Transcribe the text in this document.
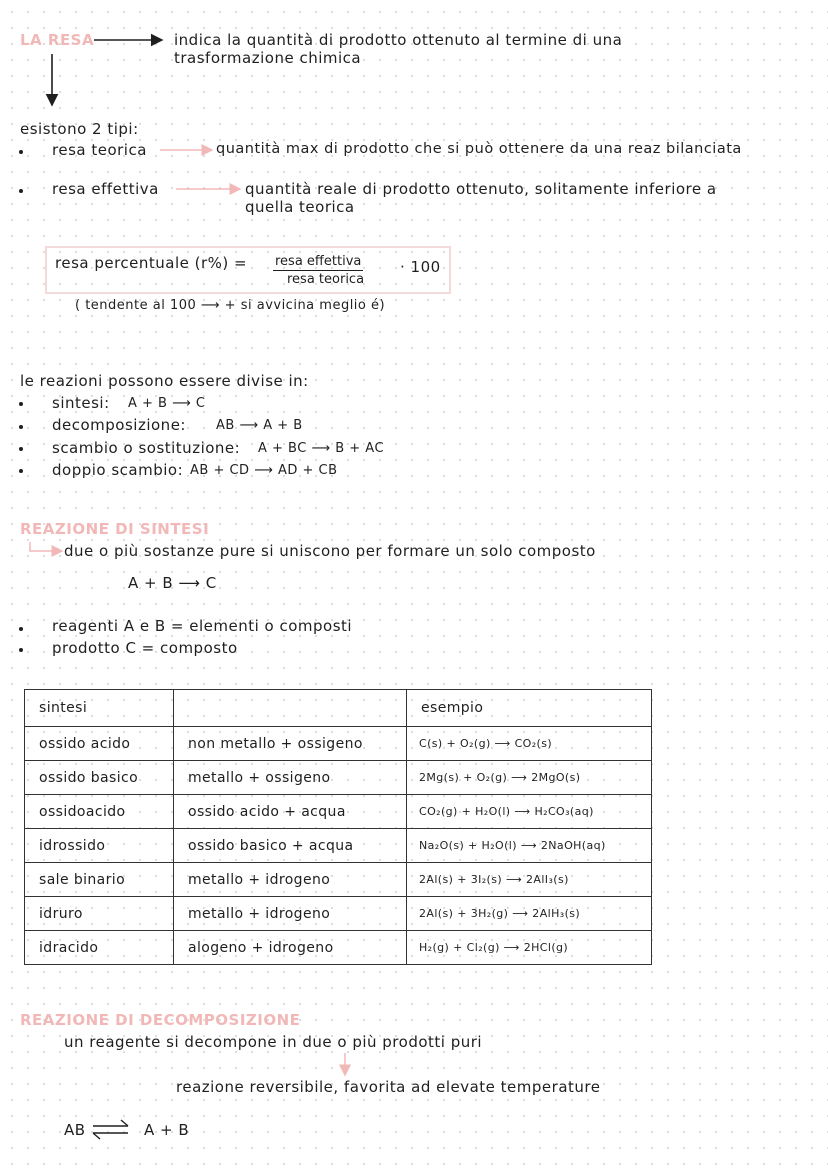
LA RESA	indica la quantità di prodotto ottenuto al termine di una
trasformazione chimica
esistono 2 tipi:
resa teorica	quantità max di prodotto che si può ottenere da una reaz bilanciata
resa effettiva	quantità reale di prodotto ottenuto, solitamente inferiore a
quella teorica
resa percentuale (r%) = resa effettiva
resa teorica
· 100
( tendente al 100 ⟶ + si avvicina meglio é)
le reazioni possono essere divise in:
sintesi: A + B ⟶ C
decomposizione: AB ⟶ A + B
scambio o sostituzione: A + BC ⟶ B + AC
doppio scambio: AB + CD ⟶ AD + CB
REAZIONE DI SINTESI
due o più sostanze pure si uniscono per formare un solo composto
A + B ⟶ C
reagenti A e B = elementi o composti
prodotto C = composto
sintesi		esempio
ossido acido	non metallo + ossigeno	C(s) + O₂(g) ⟶ CO₂(s)
ossido basico	metallo + ossigeno	2Mg(s) + O₂(g) ⟶ 2MgO(s)
ossidoacido	ossido acido + acqua	CO₂(g) + H₂O(l) ⟶ H₂CO₃(aq)
idrossido	ossido basico + acqua	Na₂O(s) + H₂O(l) ⟶ 2NaOH(aq)
sale binario	metallo + idrogeno	2Al(s) + 3I₂(s) ⟶ 2AlI₃(s)
idruro	metallo + idrogeno	2Al(s) + 3H₂(g) ⟶ 2AlH₃(s)
idracido	alogeno + idrogeno	H₂(g) + Cl₂(g) ⟶ 2HCl(g)
REAZIONE DI DECOMPOSIZIONE
un reagente si decompone in due o più prodotti puri
reazione reversibile, favorita ad elevate temperature
AB	A + B
